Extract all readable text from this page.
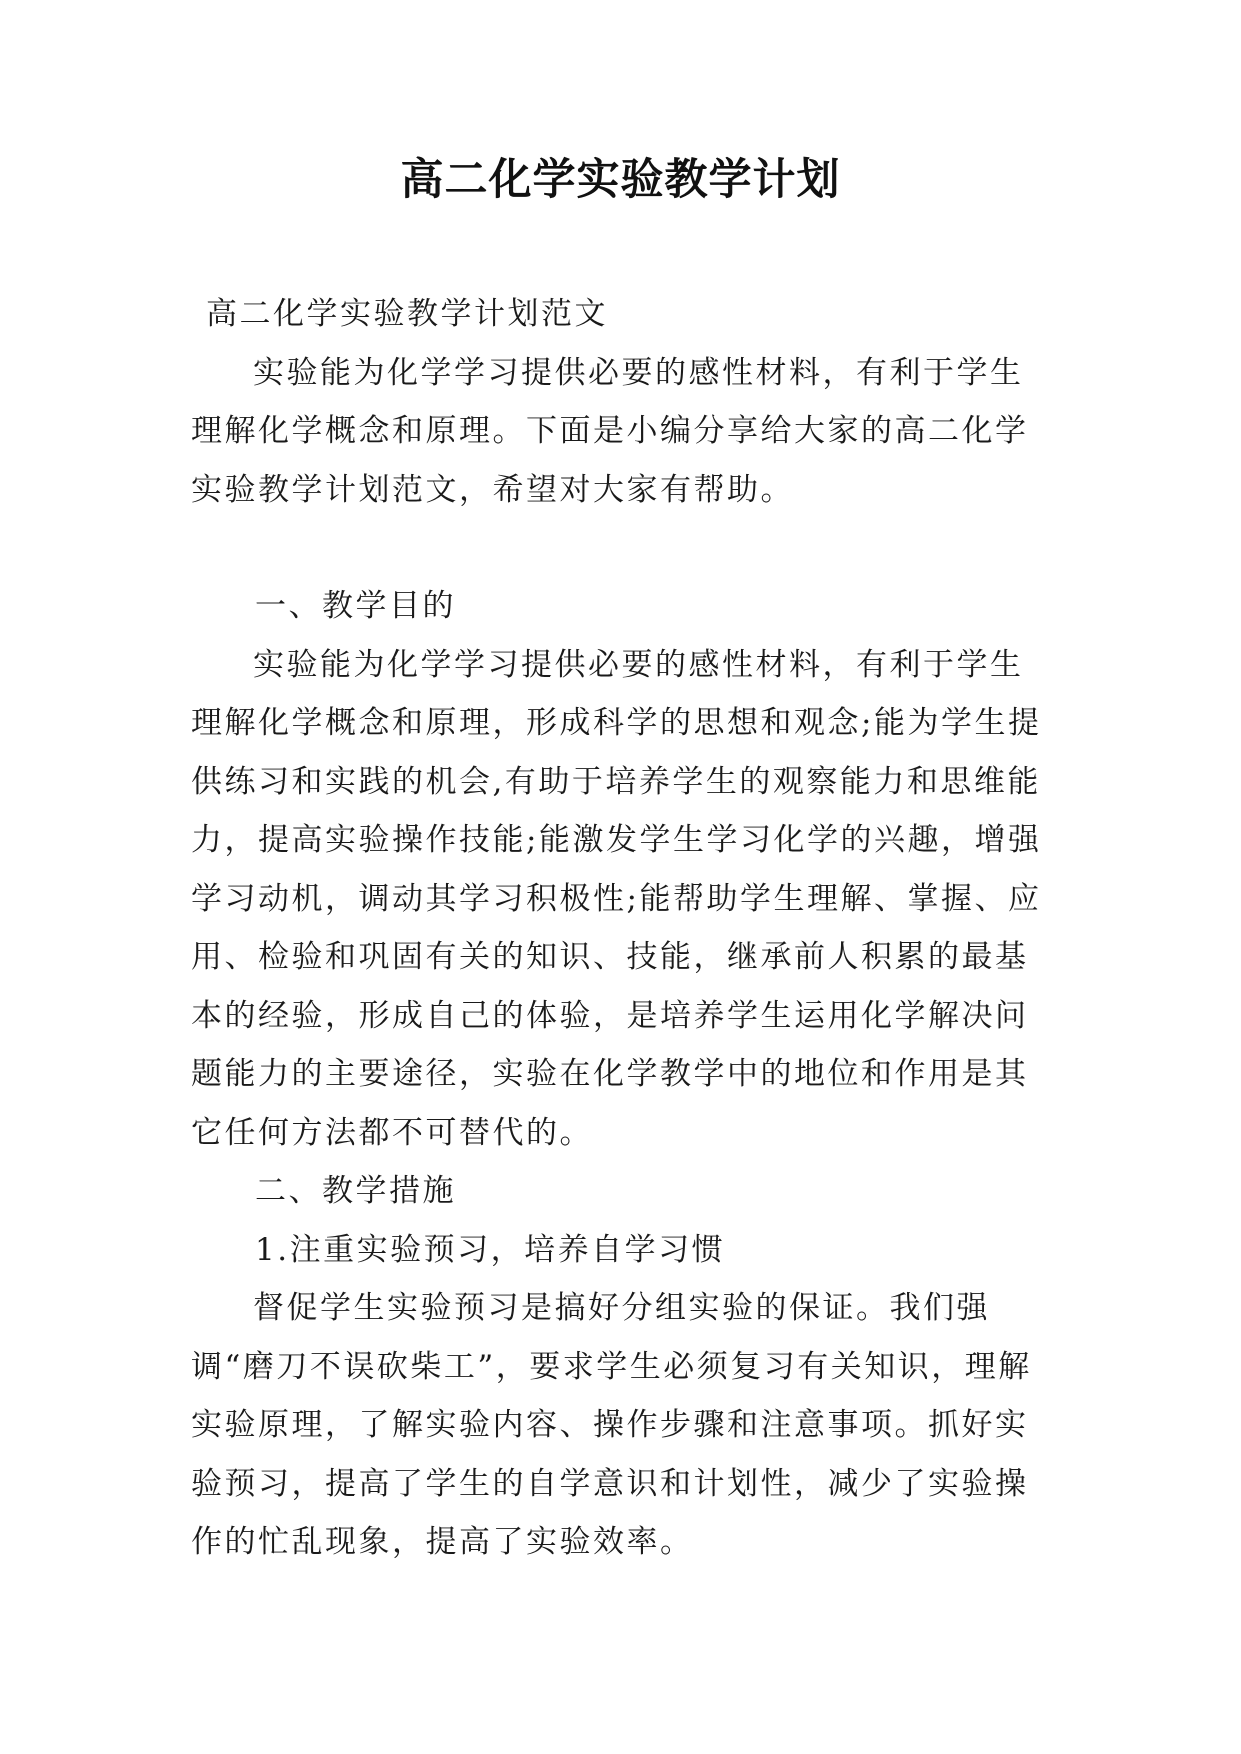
高二化学实验教学计划

高二化学实验教学计划范文

实验能为化学学习提供必要的感性材料，有利于学生理解化学概念和原理。下面是小编分享给大家的高二化学实验教学计划范文，希望对大家有帮助。

一、教学目的

实验能为化学学习提供必要的感性材料，有利于学生理解化学概念和原理，形成科学的思想和观念;能为学生提供练习和实践的机会,有助于培养学生的观察能力和思维能力，提高实验操作技能;能激发学生学习化学的兴趣，增强学习动机，调动其学习积极性;能帮助学生理解、掌握、应用、检验和巩固有关的知识、技能，继承前人积累的最基本的经验，形成自己的体验，是培养学生运用化学解决问题能力的主要途径，实验在化学教学中的地位和作用是其它任何方法都不可替代的。

二、教学措施

1.注重实验预习，培养自学习惯

督促学生实验预习是搞好分组实验的保证。我们强调“磨刀不误砍柴工”，要求学生必须复习有关知识，理解实验原理，了解实验内容、操作步骤和注意事项。抓好实验预习，提高了学生的自学意识和计划性，减少了实验操作的忙乱现象，提高了实验效率。
